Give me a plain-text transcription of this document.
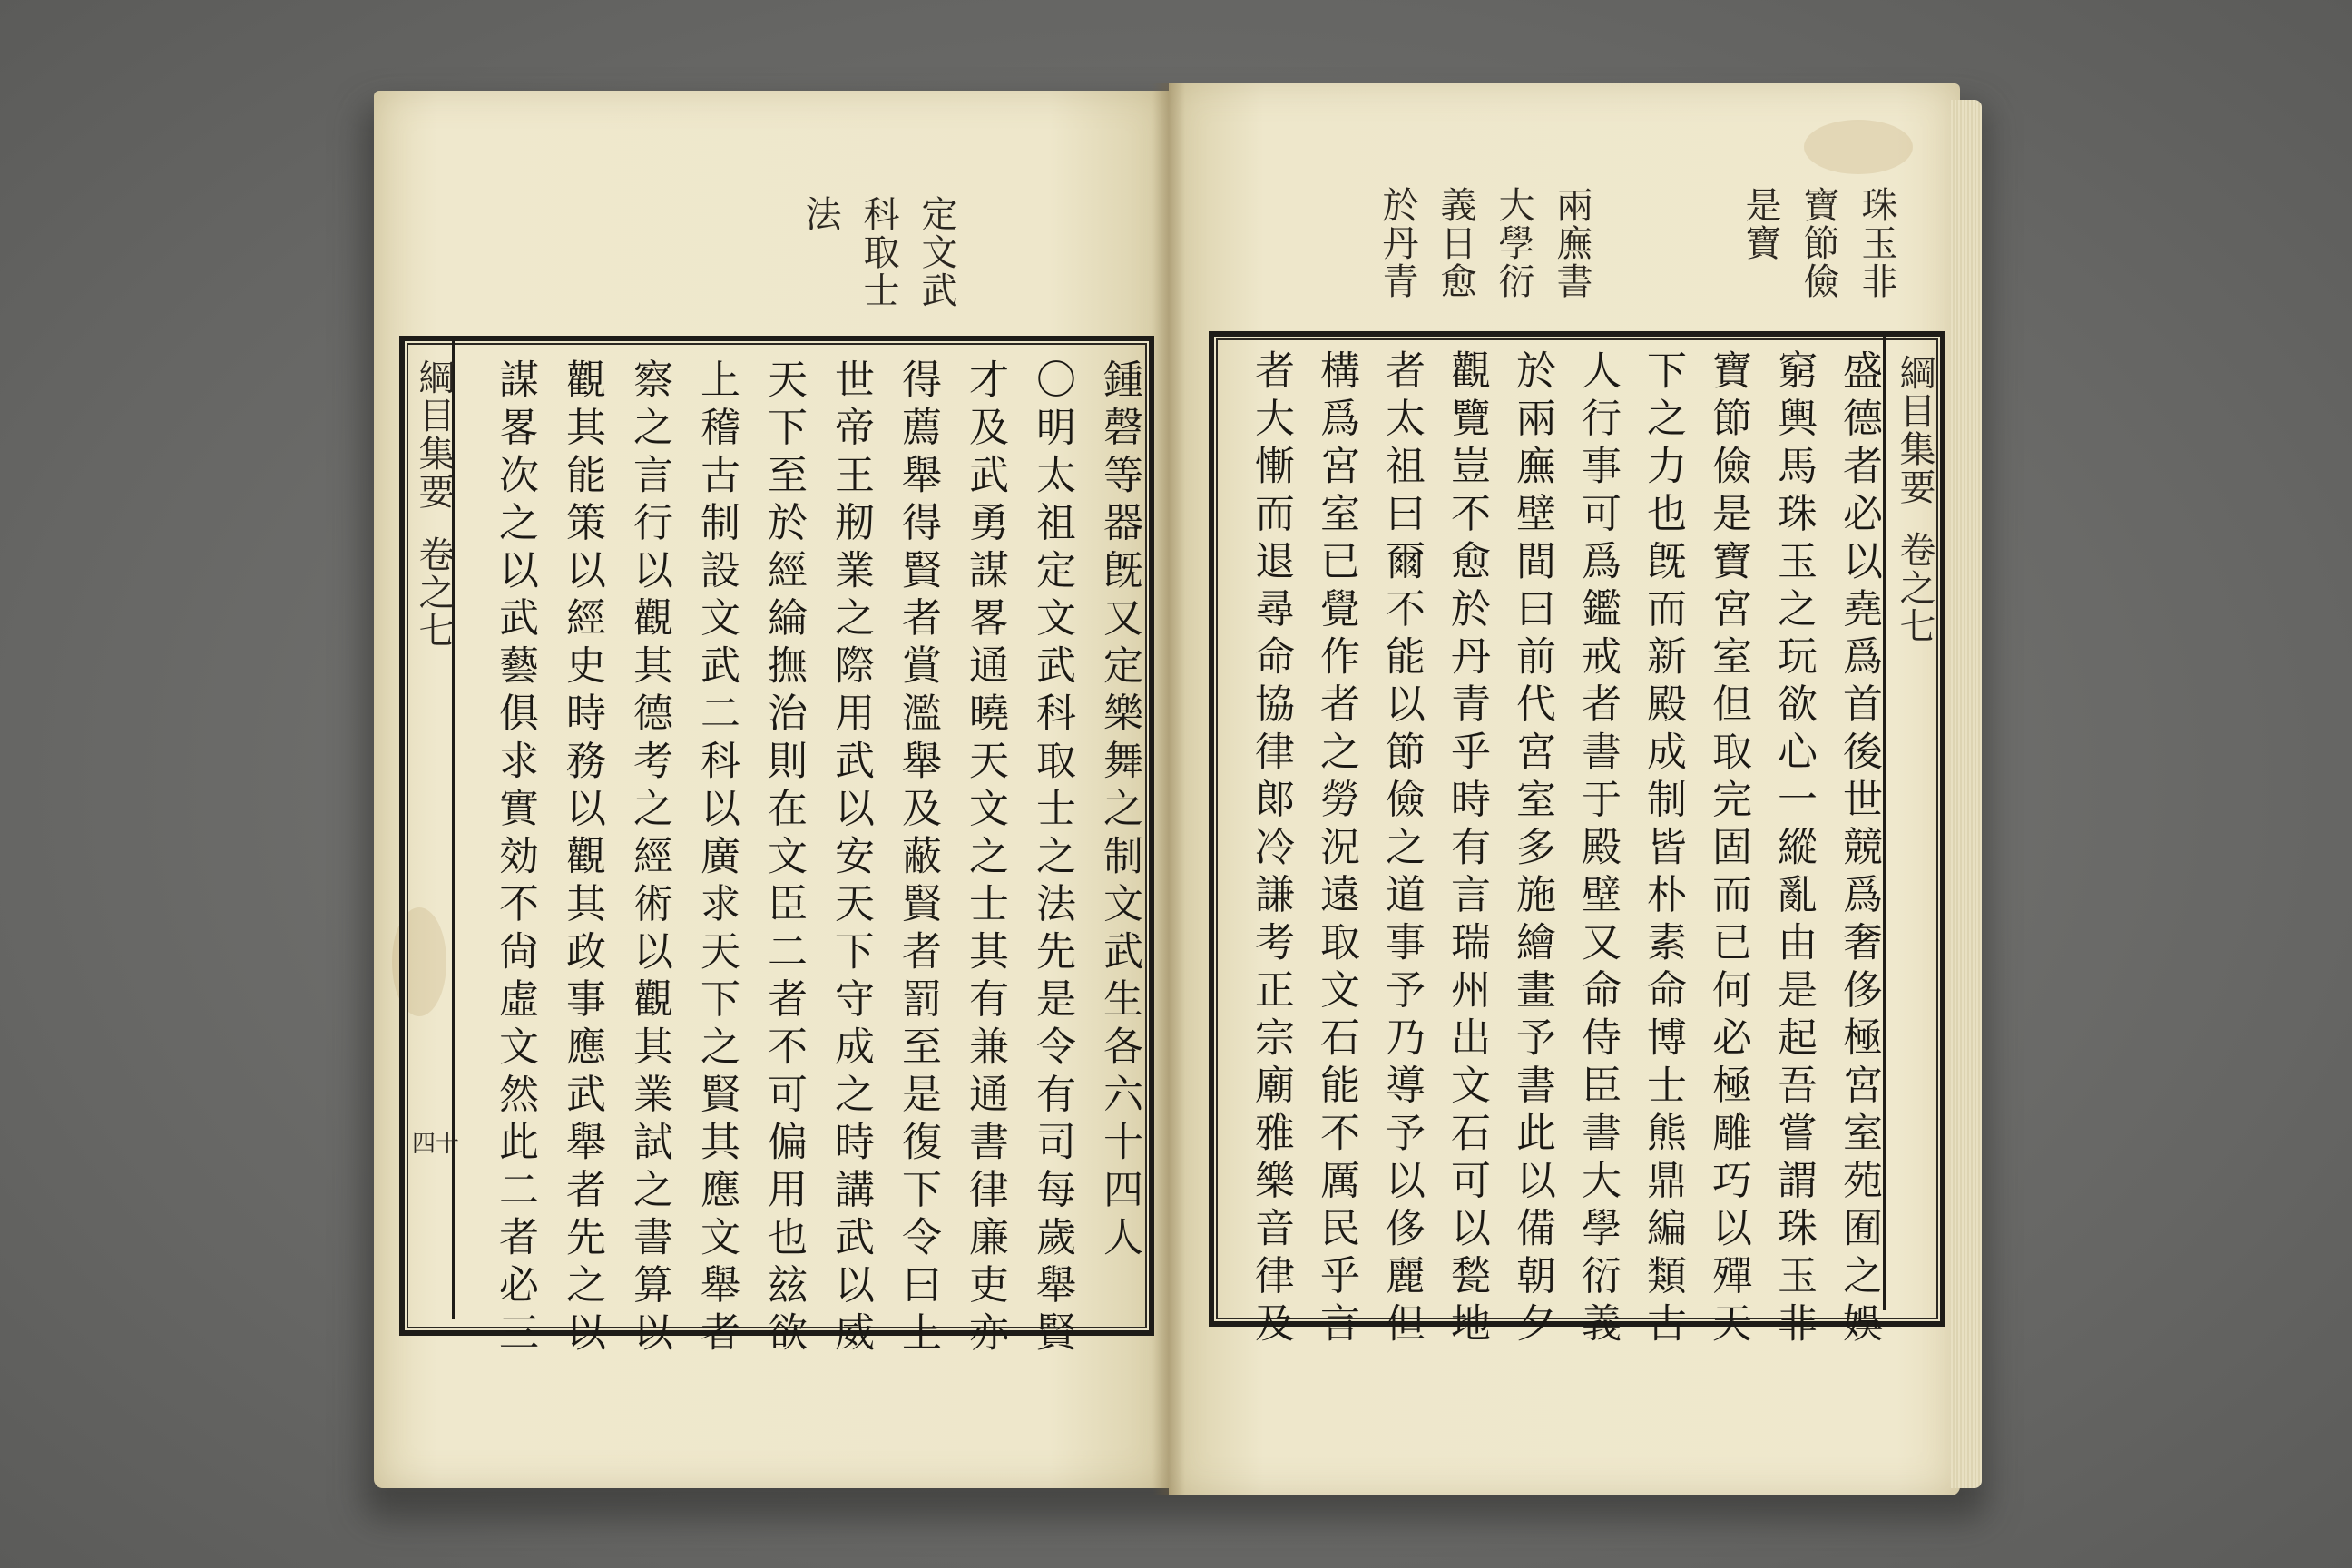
綱目集要
卷之七
四十
定文武
科取士
法
鍾磬等器旣又定樂舞之制文武生各六十四人
〇明太祖定文武科取士之法先是令有司每歲舉賢
才及武勇謀畧通曉天文之士其有兼通書律廉吏亦
得薦舉得賢者賞濫舉及蔽賢者罰至是復下令曰上
世帝王剏業之際用武以安天下守成之時講武以威
天下至於經綸撫治則在文臣二者不可偏用也玆欲
上稽古制設文武二科以廣求天下之賢其應文舉者
察之言行以觀其德考之經術以觀其業試之書算以
觀其能策以經史時務以觀其政事應武舉者先之以
謀畧次之以武藝俱求實効不尙虛文然此二者必三	綱目集要
卷之七
珠玉非
寶節儉
是寶
兩廡書
大學衍
義日愈
於丹青
盛德者必以堯爲首後世競爲奢侈極宮室苑囿之娛
窮輿馬珠玉之玩欲心一縱亂由是起吾嘗謂珠玉非
寶節儉是寶宮室但取完固而已何必極雕巧以殫天
下之力也旣而新殿成制皆朴素命博士熊鼎編類古
人行事可爲鑑戒者書于殿壁又命侍臣書大學衍義
於兩廡壁間曰前代宮室多施繪畫予書此以備朝夕
觀覽豈不愈於丹青乎時有言瑞州出文石可以甃地
者太祖曰爾不能以節儉之道事予乃導予以侈麗但
構爲宮室已覺作者之勞況遠取文石能不厲民乎言
者大慚而退尋命協律郞冷謙考正宗廟雅樂音律及
